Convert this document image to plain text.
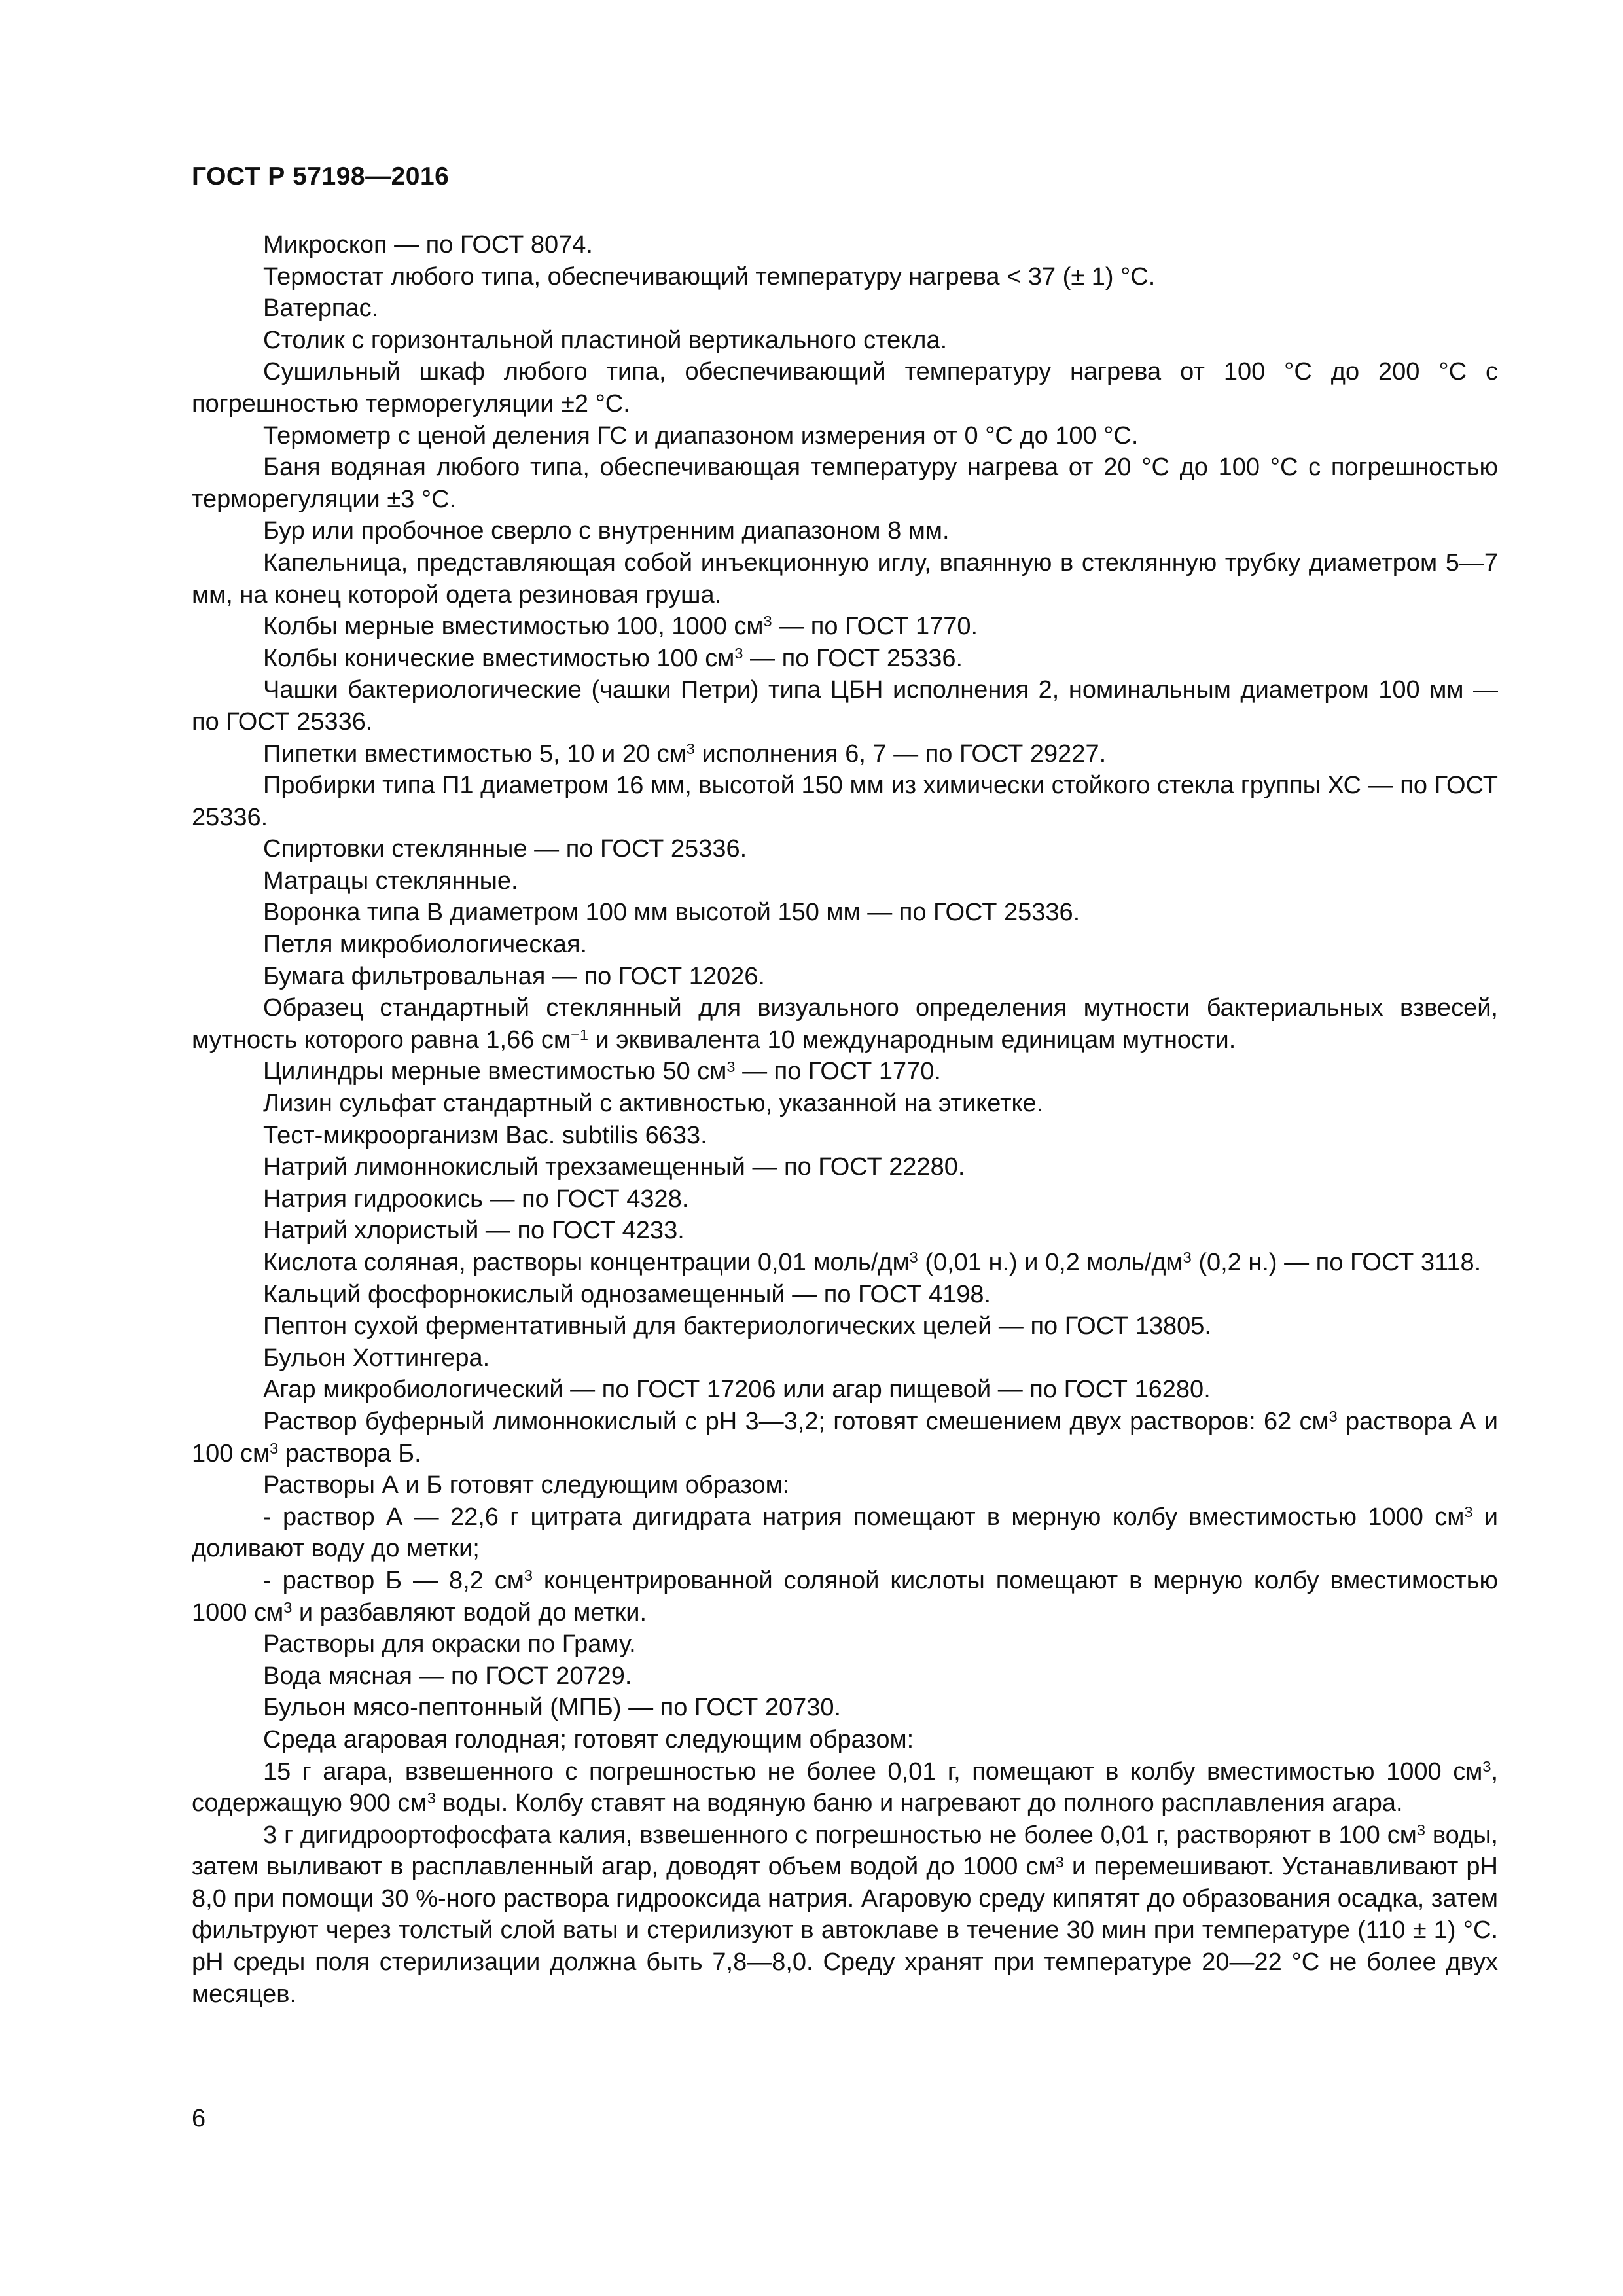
ГОСТ Р 57198—2016

Микроскоп — по ГОСТ 8074.

Термостат любого типа, обеспечивающий температуру нагрева < 37 (± 1) °С.

Ватерпас.

Столик с горизонтальной пластиной вертикального стекла.

Сушильный шкаф любого типа, обеспечивающий температуру нагрева от 100 °С до 200 °С с погрешностью терморегуляции ±2 °С.

Термометр с ценой деления ГС и диапазоном измерения от 0 °С до 100 °С.

Баня водяная любого типа, обеспечивающая температуру нагрева от 20 °С до 100 °С с погрешностью терморегуляции ±3 °С.

Бур или пробочное сверло с внутренним диапазоном 8 мм.

Капельница, представляющая собой инъекционную иглу, впаянную в стеклянную трубку диаметром 5—7 мм, на конец которой одета резиновая груша.

Колбы мерные вместимостью 100, 1000 $см^3$ — по ГОСТ 1770.

Колбы конические вместимостью 100 $см^3$ — по ГОСТ 25336.

Чашки бактериологические (чашки Петри) типа ЦБН исполнения 2, номинальным диаметром 100 мм — по ГОСТ 25336.

Пипетки вместимостью 5, 10 и 20 $см^3$ исполнения 6, 7 — по ГОСТ 29227.

Пробирки типа П1 диаметром 16 мм, высотой 150 мм из химически стойкого стекла группы ХС — по ГОСТ 25336.

Спиртовки стеклянные — по ГОСТ 25336.

Матрацы стеклянные.

Воронка типа В диаметром 100 мм высотой 150 мм — по ГОСТ 25336.

Петля микробиологическая.

Бумага фильтровальная — по ГОСТ 12026.

Образец стандартный стеклянный для визуального определения мутности бактериальных взвесей, мутность которого равна 1,66 $см^{-1}$ и эквивалента 10 международным единицам мутности.

Цилиндры мерные вместимостью 50 $см^3$ — по ГОСТ 1770.

Лизин сульфат стандартный с активностью, указанной на этикетке.

Тест-микроорганизм Bac. subtilis 6633.

Натрий лимоннокислый трехзамещенный — по ГОСТ 22280.

Натрия гидроокись — по ГОСТ 4328.

Натрий хлористый — по ГОСТ 4233.

Кислота соляная, растворы концентрации 0,01 моль/$дм^3$ (0,01 н.) и 0,2 моль/$дм^3$ (0,2 н.) — по ГОСТ 3118.

Кальций фосфорнокислый однозамещенный — по ГОСТ 4198.

Пептон сухой ферментативный для бактериологических целей — по ГОСТ 13805.

Бульон Хоттингера.

Агар микробиологический — по ГОСТ 17206 или агар пищевой — по ГОСТ 16280.

Раствор буферный лимоннокислый с рН 3—3,2; готовят смешением двух растворов: 62 $см^3$ раствора А и 100 $см^3$ раствора Б.

Растворы А и Б готовят следующим образом:

- раствор А — 22,6 г цитрата дигидрата натрия помещают в мерную колбу вместимостью 1000 $см^3$ и доливают воду до метки;

- раствор Б — 8,2 $см^3$ концентрированной соляной кислоты помещают в мерную колбу вместимостью 1000 $см^3$ и разбавляют водой до метки.

Растворы для окраски по Граму.

Вода мясная — по ГОСТ 20729.

Бульон мясо-пептонный (МПБ) — по ГОСТ 20730.

Среда агаровая голодная; готовят следующим образом:

15 г агара, взвешенного с погрешностью не более 0,01 г, помещают в колбу вместимостью 1000 $см^3$, содержащую 900 $см^3$ воды. Колбу ставят на водяную баню и нагревают до полного расплавления агара.

3 г дигидроортофосфата калия, взвешенного с погрешностью не более 0,01 г, растворяют в 100 $см^3$ воды, затем выливают в расплавленный агар, доводят объем водой до 1000 $см^3$ и перемешивают. Устанавливают рН 8,0 при помощи 30 %-ного раствора гидрооксида натрия. Агаровую среду кипятят до образования осадка, затем фильтруют через толстый слой ваты и стерилизуют в автоклаве в течение 30 мин при температуре (110 ± 1) °С. рН среды поля стерилизации должна быть 7,8—8,0. Среду хранят при температуре 20—22 °С не более двух месяцев.

6
